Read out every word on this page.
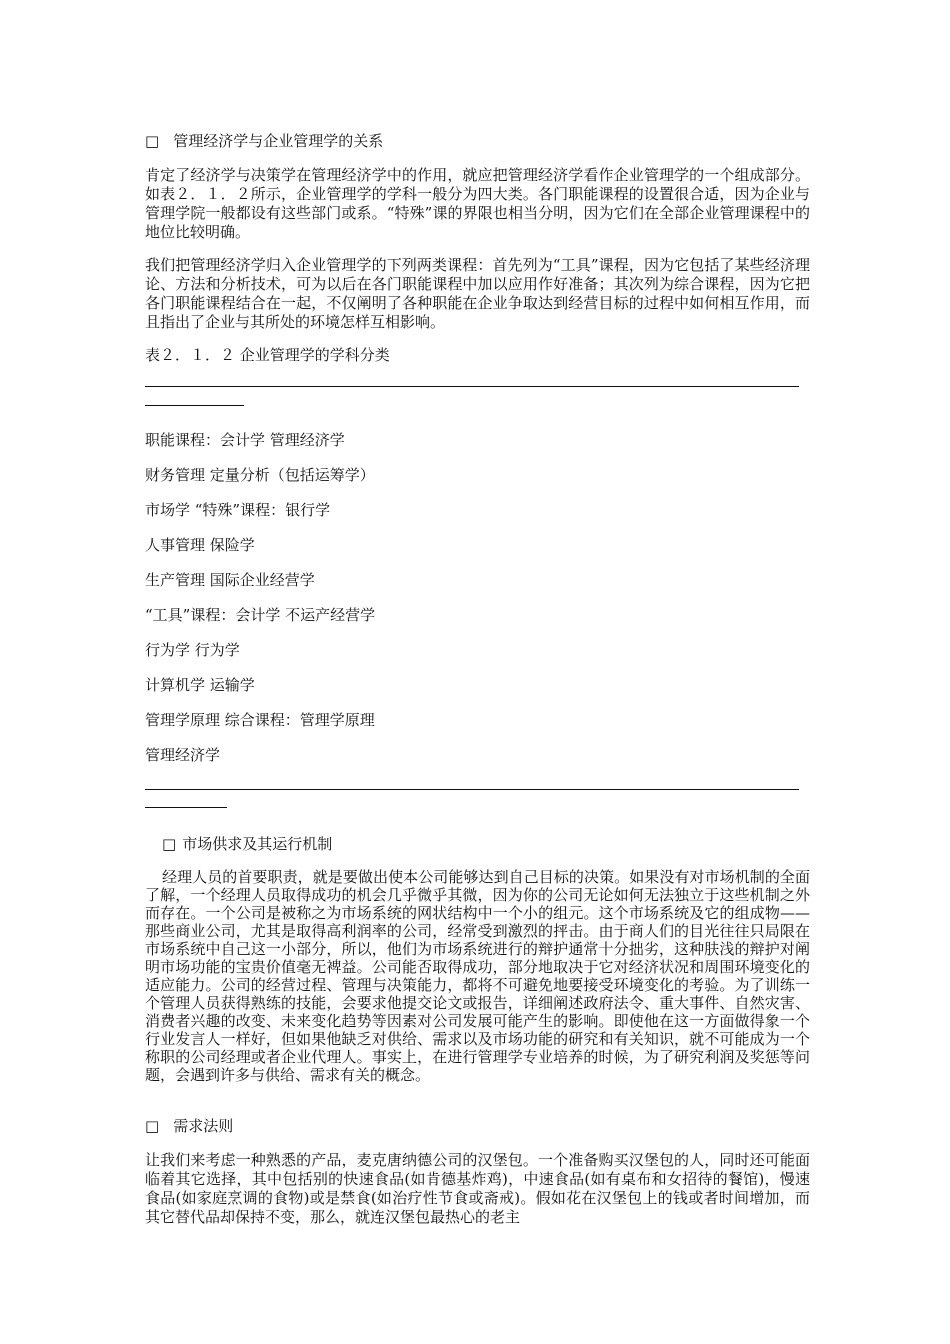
□ 管理经济学与企业管理学的关系
肯定了经济学与决策学在管理经济学中的作用，就应把管理经济学看作企业管理学的一个组成部分。如表２．１．２所示，企业管理学的学科一般分为四大类。各门职能课程的设置很合适，因为企业与管理学院一般都设有这些部门或系。“特殊”课的界限也相当分明，因为它们在全部企业管理课程中的地位比较明确。
我们把管理经济学归入企业管理学的下列两类课程：首先列为“工具”课程，因为它包括了某些经济理论、方法和分析技术，可为以后在各门职能课程中加以应用作好准备；其次列为综合课程，因为它把各门职能课程结合在一起，不仅阐明了各种职能在企业争取达到经营目标的过程中如何相互作用，而且指出了企业与其所处的环境怎样互相影响。
表２．１．２ 企业管理学的学科分类
职能课程：会计学 管理经济学
财务管理 定量分析（包括运筹学）
市场学 “特殊”课程：银行学
人事管理 保险学
生产管理 国际企业经营学
“工具”课程：会计学 不运产经营学
行为学 行为学
计算机学 运输学
管理学原理 综合课程：管理学原理
管理经济学
□ 市场供求及其运行机制
经理人员的首要职责，就是要做出使本公司能够达到自己目标的决策。如果没有对市场机制的全面了解，一个经理人员取得成功的机会几乎微乎其微，因为你的公司无论如何无法独立于这些机制之外而存在。一个公司是被称之为市场系统的网状结构中一个小的组元。这个市场系统及它的组成物——那些商业公司，尤其是取得高利润率的公司，经常受到激烈的抨击。由于商人们的目光往往只局限在市场系统中自己这一小部分，所以，他们为市场系统进行的辩护通常十分拙劣，这种肤浅的辩护对阐明市场功能的宝贵价值毫无裨益。公司能否取得成功，部分地取决于它对经济状况和周围环境变化的适应能力。公司的经营过程、管理与决策能力，都将不可避免地要接受环境变化的考验。为了训练一个管理人员获得熟练的技能，会要求他提交论文或报告，详细阐述政府法令、重大事件、自然灾害、消费者兴趣的改变、未来变化趋势等因素对公司发展可能产生的影响。即使他在这一方面做得象一个行业发言人一样好，但如果他缺乏对供给、需求以及市场功能的研究和有关知识，就不可能成为一个称职的公司经理或者企业代理人。事实上，在进行管理学专业培养的时候，为了研究利润及奖惩等问题，会遇到许多与供给、需求有关的概念。
□ 需求法则
让我们来考虑一种熟悉的产品，麦克唐纳德公司的汉堡包。一个准备购买汉堡包的人，同时还可能面临着其它选择，其中包括别的快速食品(如肯德基炸鸡)，中速食品(如有桌布和女招待的餐馆)，慢速食品(如家庭烹调的食物)或是禁食(如治疗性节食或斋戒)。假如花在汉堡包上的钱或者时间增加，而其它替代品却保持不变，那么，就连汉堡包最热心的老主
